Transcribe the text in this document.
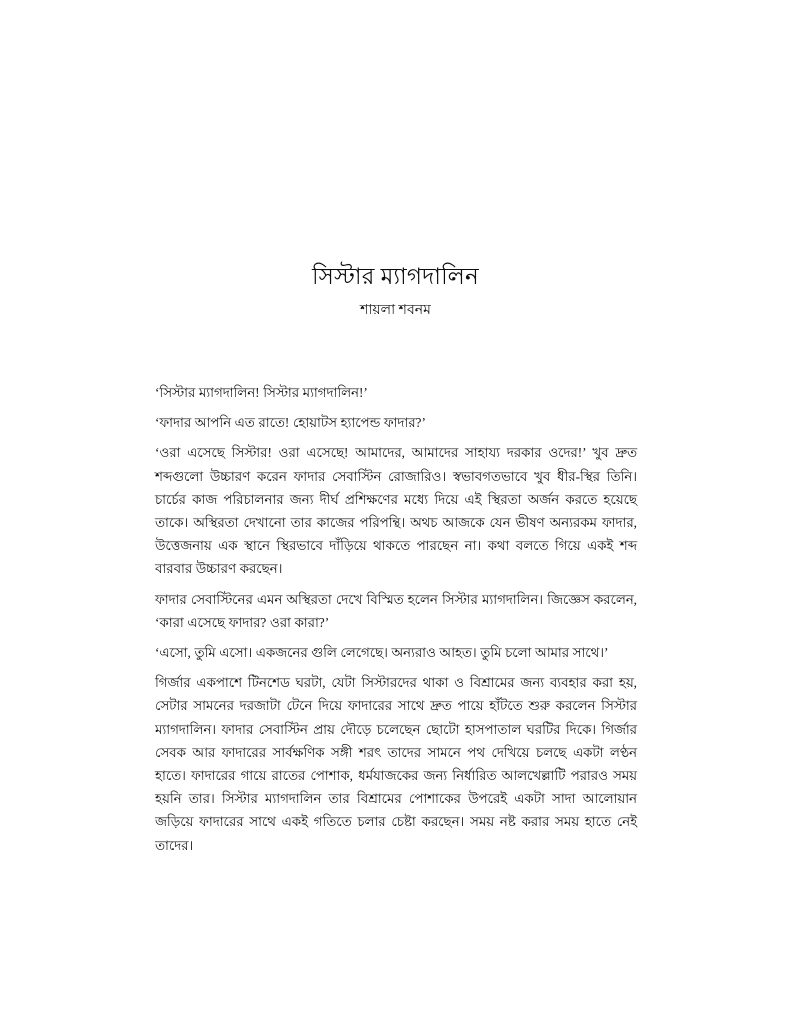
সিস্টার ম্যাগদালিন
শায়লা শবনম

‘সিস্টার ম্যাগদালিন! সিস্টার ম্যাগদালিন!’

‘ফাদার আপনি এত রাতে! হোয়াটস হ্যাপেন্ড ফাদার?’

‘ওরা এসেছে সিস্টার! ওরা এসেছে! আমাদের, আমাদের সাহায্য দরকার ওদের!’ খুব দ্রুত শব্দগুলো উচ্চারণ করেন ফাদার সেবাস্টিন রোজারিও। স্বভাবগতভাবে খুব ধীর-স্থির তিনি। চার্চের কাজ পরিচালনার জন্য দীর্ঘ প্রশিক্ষণের মধ্যে দিয়ে এই স্থিরতা অর্জন করতে হয়েছে তাকে। অস্থিরতা দেখানো তার কাজের পরিপন্থি। অথচ আজকে যেন ভীষণ অন্যরকম ফাদার, উত্তেজনায় এক স্থানে স্থিরভাবে দাঁড়িয়ে থাকতে পারছেন না। কথা বলতে গিয়ে একই শব্দ বারবার উচ্চারণ করছেন।

ফাদার সেবাস্টিনের এমন অস্থিরতা দেখে বিস্মিত হলেন সিস্টার ম্যাগদালিন। জিজ্ঞেস করলেন, ‘কারা এসেছে ফাদার? ওরা কারা?’

‘এসো, তুমি এসো। একজনের গুলি লেগেছে। অন্যরাও আহত। তুমি চলো আমার সাথে।’

গির্জার একপাশে টিনশেড ঘরটা, যেটা সিস্টারদের থাকা ও বিশ্রামের জন্য ব্যবহার করা হয়, সেটার সামনের দরজাটা টেনে দিয়ে ফাদারের সাথে দ্রুত পায়ে হাঁটতে শুরু করলেন সিস্টার ম্যাগদালিন। ফাদার সেবাস্টিন প্রায় দৌড়ে চলেছেন ছোটো হাসপাতাল ঘরটির দিকে। গির্জার সেবক আর ফাদারের সার্বক্ষণিক সঙ্গী শরৎ তাদের সামনে পথ দেখিয়ে চলছে একটা লণ্ঠন হাতে। ফাদারের গায়ে রাতের পোশাক, ধর্মযাজকের জন্য নির্ধারিত আলখেল্লাটি পরারও সময় হয়নি তার। সিস্টার ম্যাগদালিন তার বিশ্রামের পোশাকের উপরেই একটা সাদা আলোয়ান জড়িয়ে ফাদারের সাথে একই গতিতে চলার চেষ্টা করছেন। সময় নষ্ট করার সময় হাতে নেই তাদের।
